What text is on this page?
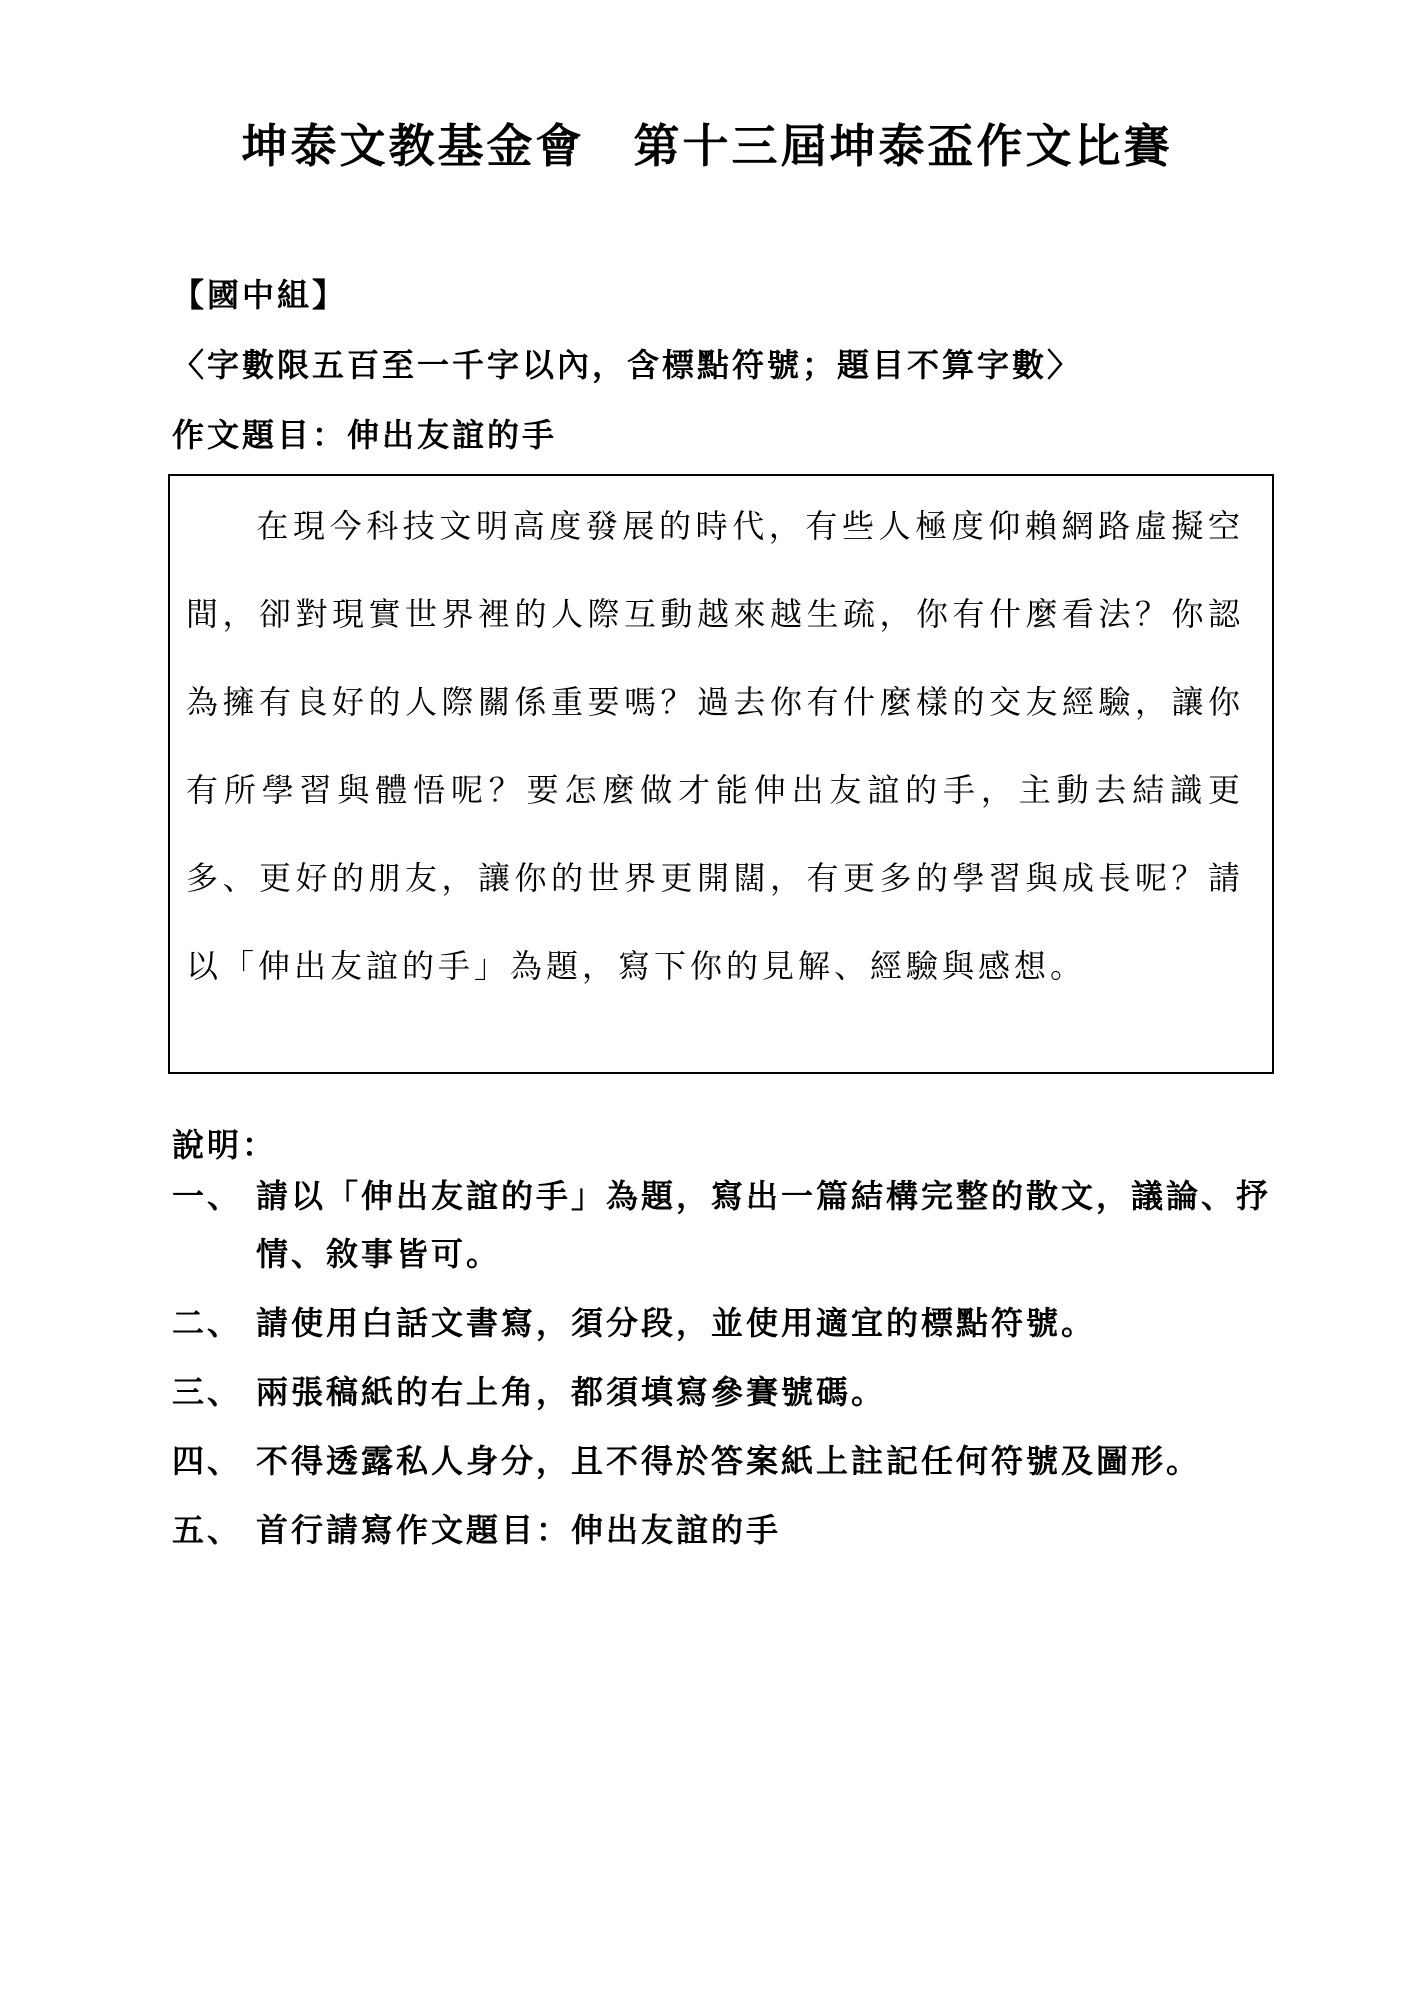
坤泰文教基金會　第十三屆坤泰盃作文比賽
【國中組】
〈字數限五百至一千字以內，含標點符號；題目不算字數〉
作文題目：伸出友誼的手

在現今科技文明高度發展的時代，有些人極度仰賴網路虛擬空間，卻對現實世界裡的人際互動越來越生疏，你有什麼看法？你認為擁有良好的人際關係重要嗎？過去你有什麼樣的交友經驗，讓你有所學習與體悟呢？要怎麼做才能伸出友誼的手，主動去結識更多、更好的朋友，讓你的世界更開闊，有更多的學習與成長呢？請以「伸出友誼的手」為題，寫下你的見解、經驗與感想。

說明：
一、 請以「伸出友誼的手」為題，寫出一篇結構完整的散文，議論、抒情、敘事皆可。
二、 請使用白話文書寫，須分段，並使用適宜的標點符號。
三、 兩張稿紙的右上角，都須填寫參賽號碼。
四、 不得透露私人身分，且不得於答案紙上註記任何符號及圖形。
五、 首行請寫作文題目：伸出友誼的手
